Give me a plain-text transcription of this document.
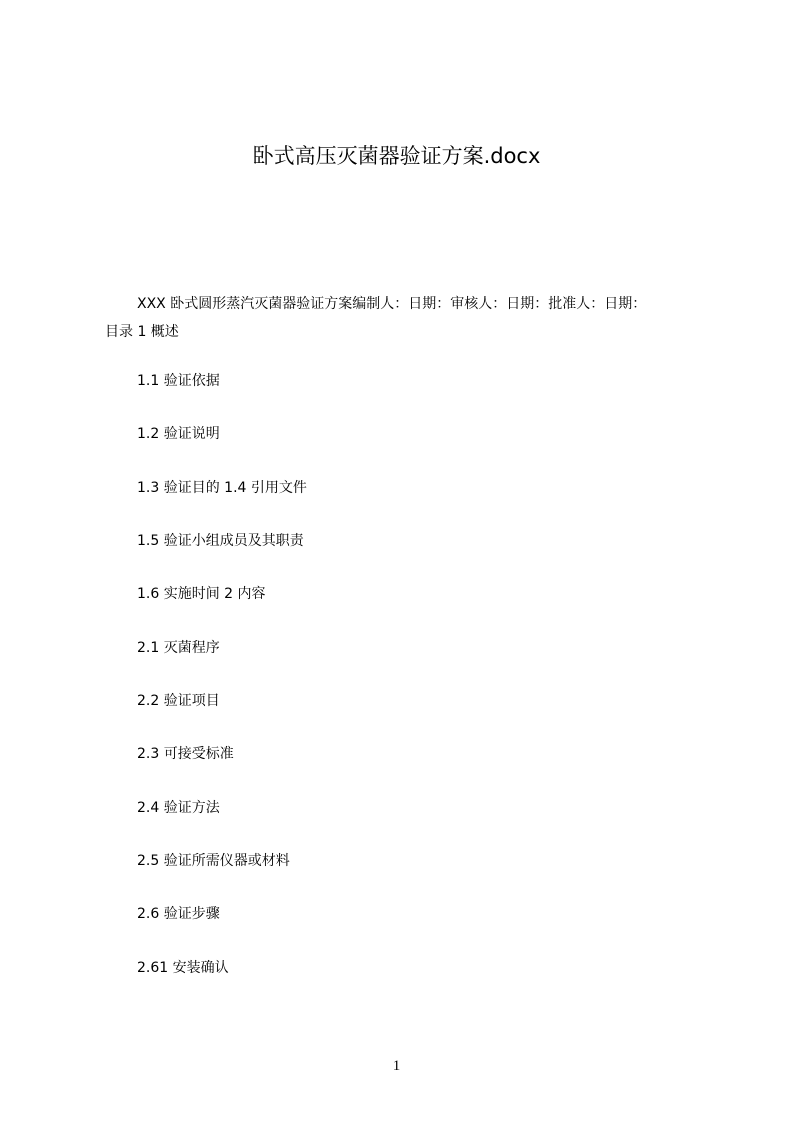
卧式高压灭菌器验证方案.docx
XXX 卧式圆形蒸汽灭菌器验证方案编制人：日期：审核人：日期：批准人：日期：
目录 1 概述
1.1 验证依据
1.2 验证说明
1.3 验证目的 1.4 引用文件
1.5 验证小组成员及其职责
1.6 实施时间 2 内容
2.1 灭菌程序
2.2 验证项目
2.3 可接受标准
2.4 验证方法
2.5 验证所需仪器或材料
2.6 验证步骤
2.61 安装确认
1
